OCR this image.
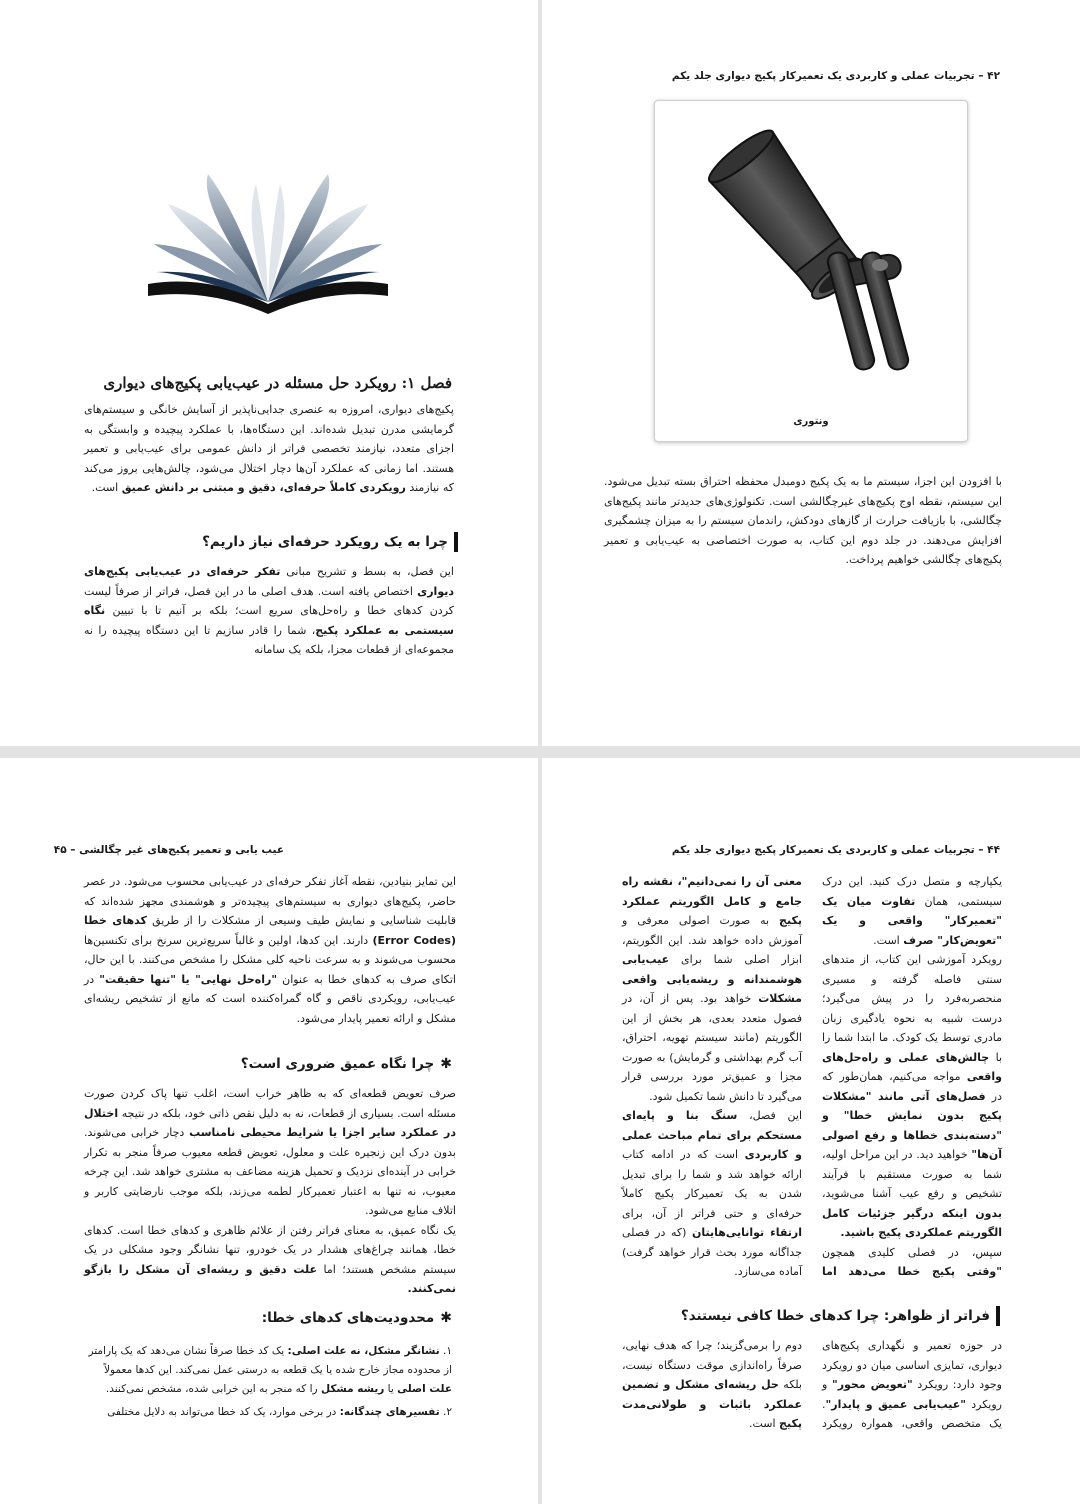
فصل ۱: رویکرد حل مسئله در عیب‌یابی پکیج‌های دیواری
پکیج‌های دیواری، امروزه به عنصری جدایی‌ناپذیر از آسایش خانگی و سیستم‌های گرمایشی مدرن تبدیل شده‌اند. این دستگاه‌ها، با عملکرد پیچیده و وابستگی به اجزای متعدد، نیازمند تخصصی فراتر از دانش عمومی برای عیب‌یابی و تعمیر هستند. اما زمانی که عملکرد آن‌ها دچار اختلال می‌شود، چالش‌هایی بروز می‌کند که نیازمند رویکردی کاملاً حرفه‌ای، دقیق و مبتنی بر دانش عمیق است.
چرا به یک رویکرد حرفه‌ای نیاز داریم؟
این فصل، به بسط و تشریح مبانی تفکر حرفه‌ای در عیب‌یابی پکیج‌های دیواری اختصاص یافته است. هدف اصلی ما در این فصل، فراتر از صرفاً لیست کردن کدهای خطا و راه‌حل‌های سریع است؛ بلکه بر آنیم تا با تبیین نگاه سیستمی به عملکرد پکیج، شما را قادر سازیم تا این دستگاه پیچیده را نه مجموعه‌ای از قطعات مجزا، بلکه یک سامانه
۴۲ – تجربیات عملی و کاربردی یک تعمیرکار پکیج دیواری جلد یکم
ونتوری
با افزودن این اجزا، سیستم ما به یک پکیج دومبدل محفظه احتراق بسته تبدیل می‌شود. این سیستم، نقطه اوج پکیج‌های غیرچگالشی است. تکنولوژی‌های جدیدتر مانند پکیج‌های چگالشی، با بازیافت حرارت از گازهای دودکش، راندمان سیستم را به میزان چشمگیری افزایش می‌دهند. در جلد دوم این کتاب، به صورت اختصاصی به عیب‌یابی و تعمیر پکیج‌های چگالشی خواهیم پرداخت.
عیب یابی و تعمیر پکیج‌های غیر چگالشی – ۴۵
این تمایز بنیادین، نقطه آغاز تفکر حرفه‌ای در عیب‌یابی محسوب می‌شود. در عصر حاضر، پکیج‌های دیواری به سیستم‌های پیچیده‌تر و هوشمندی مجهز شده‌اند که قابلیت شناسایی و نمایش طیف وسیعی از مشکلات را از طریق کدهای خطا (Error Codes) دارند. این کدها، اولین و غالباً سریع‌ترین سرنخ برای تکنسین‌ها محسوب می‌شوند و به سرعت ناحیه کلی مشکل را مشخص می‌کنند. با این حال، اتکای صرف به کدهای خطا به عنوان "راه‌حل نهایی" یا "تنها حقیقت" در عیب‌یابی، رویکردی ناقص و گاه گمراه‌کننده است که مانع از تشخیص ریشه‌ای مشکل و ارائه تعمیر پایدار می‌شود.
✱
چرا نگاه عمیق ضروری است؟
صرف تعویض قطعه‌ای که به ظاهر خراب است، اغلب تنها پاک کردن صورت مسئله است. بسیاری از قطعات، نه به دلیل نقص ذاتی خود، بلکه در نتیجه اختلال در عملکرد سایر اجزا یا شرایط محیطی نامناسب دچار خرابی می‌شوند. بدون درک این زنجیره علت و معلول، تعویض قطعه معیوب صرفاً منجر به تکرار خرابی در آینده‌ای نزدیک و تحمیل هزینه مضاعف به مشتری خواهد شد. این چرخه معیوب، نه تنها به اعتبار تعمیرکار لطمه می‌زند، بلکه موجب نارضایتی کاربر و اتلاف منابع می‌شود.
یک نگاه عمیق، به معنای فراتر رفتن از علائم ظاهری و کدهای خطا است. کدهای خطا، همانند چراغ‌های هشدار در یک خودرو، تنها نشانگر وجود مشکلی در یک سیستم مشخص هستند؛ اما علت دقیق و ریشه‌ای آن مشکل را بازگو نمی‌کنند.
✱
محدودیت‌های کدهای خطا:
۱. نشانگر مشکل، نه علت اصلی: یک کد خطا صرفاً نشان می‌دهد که یک پارامتر از محدوده مجاز خارج شده یا یک قطعه به درستی عمل نمی‌کند. این کدها معمولاً علت اصلی یا ریشه مشکل را که منجر به این خرابی شده، مشخص نمی‌کنند.
۲. تفسیرهای چندگانه: در برخی موارد، یک کد خطا می‌تواند به دلایل مختلفی
۴۴ – تجربیات عملی و کاربردی یک تعمیرکار پکیج دیواری جلد یکم
یکپارچه و متصل درک کنید. این درک سیستمی، همان تفاوت میان یک "تعمیرکار" واقعی و یک "تعویض‌کار" صرف است.
رویکرد آموزشی این کتاب، از متدهای سنتی فاصله گرفته و مسیری منحصربه‌فرد را در پیش می‌گیرد؛ درست شبیه به نحوه یادگیری زبان مادری توسط یک کودک. ما ابتدا شما را با چالش‌های عملی و راه‌حل‌های واقعی مواجه می‌کنیم، همان‌طور که در فصل‌های آتی مانند "مشکلات پکیج بدون نمایش خطا" و "دسته‌بندی خطاها و رفع اصولی آن‌ها" خواهید دید. در این مراحل اولیه، شما به صورت مستقیم با فرآیند تشخیص و رفع عیب آشنا می‌شوید، بدون اینکه درگیر جزئیات کامل الگوریتم عملکردی پکیج باشید.
سپس، در فصلی کلیدی همچون "وقتی پکیج خطا می‌دهد اما معنی آن را نمی‌دانیم"، نقشه راه جامع و کامل الگوریتم عملکرد پکیج به صورت اصولی معرفی و آموزش داده خواهد شد. این الگوریتم، ابزار اصلی شما برای عیب‌یابی هوشمندانه و ریشه‌یابی واقعی مشکلات خواهد بود. پس از آن، در فصول متعدد بعدی، هر بخش از این الگوریتم (مانند سیستم تهویه، احتراق، آب گرم بهداشتی و گرمایش) به صورت مجزا و عمیق‌تر مورد بررسی قرار می‌گیرد تا دانش شما تکمیل شود.
این فصل، سنگ بنا و پایه‌ای مستحکم برای تمام مباحث عملی و کاربردی است که در ادامه کتاب ارائه خواهد شد و شما را برای تبدیل شدن به یک تعمیرکار پکیج کاملاً حرفه‌ای و حتی فراتر از آن، برای ارتقاء توانایی‌هایتان (که در فصلی جداگانه مورد بحث قرار خواهد گرفت) آماده می‌سازد.
فراتر از ظواهر: چرا کدهای خطا کافی نیستند؟
در حوزه تعمیر و نگهداری پکیج‌های دیواری، تمایزی اساسی میان دو رویکرد وجود دارد: رویکرد "تعویض محور" و رویکرد "عیب‌یابی عمیق و پایدار". یک متخصص واقعی، همواره رویکرد دوم را برمی‌گزیند؛ چرا که هدف نهایی، صرفاً راه‌اندازی موقت دستگاه نیست، بلکه حل ریشه‌ای مشکل و تضمین عملکرد باثبات و طولانی‌مدت پکیج است.
